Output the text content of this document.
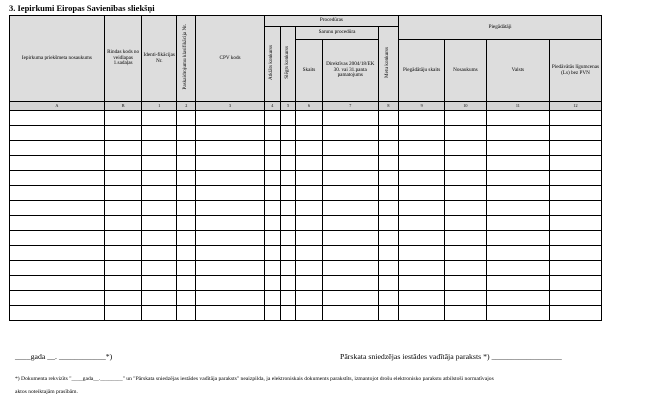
3. Iepirkumi Eiropas Savienības sliekšņi
Iepirkuma priekšmeta nosaukums	Rindas kods no veidlapas 1.sadaļas	Identi-fikācijas Nr.	Paskaidrojumu klasifikācija Nr.	CPV kods	Procedūras					Piegādātāji			
					Atklāts konkurss	Slēgts konkurss	Sarunu procedūra		Metu konkurss				
							Skaits	Direktīvas 2004/18/EK 30. vai 31.panta pamatojums		Piegādātāju skaits	Nosaukums	Valsts	Piedāvātās līgumcenas (Ls) bez PVN
A	B	1	2	3	4	5	6	7	8	9	10	11	12

____gada __. ____________*)	Pārskata sniedzējas iestādes vadītāja paraksts *) __________________
*) Dokumenta rekvizīts "____gada__.________" un "Pārskata sniedzējas iestādes vadītāja paraksts" neaizpilda, ja elektroniskais dokuments parakstīts, izmantojot drošu elektronisko parakstu atbilstoši normatīvajos
aktos noteiktajām prasībām.
